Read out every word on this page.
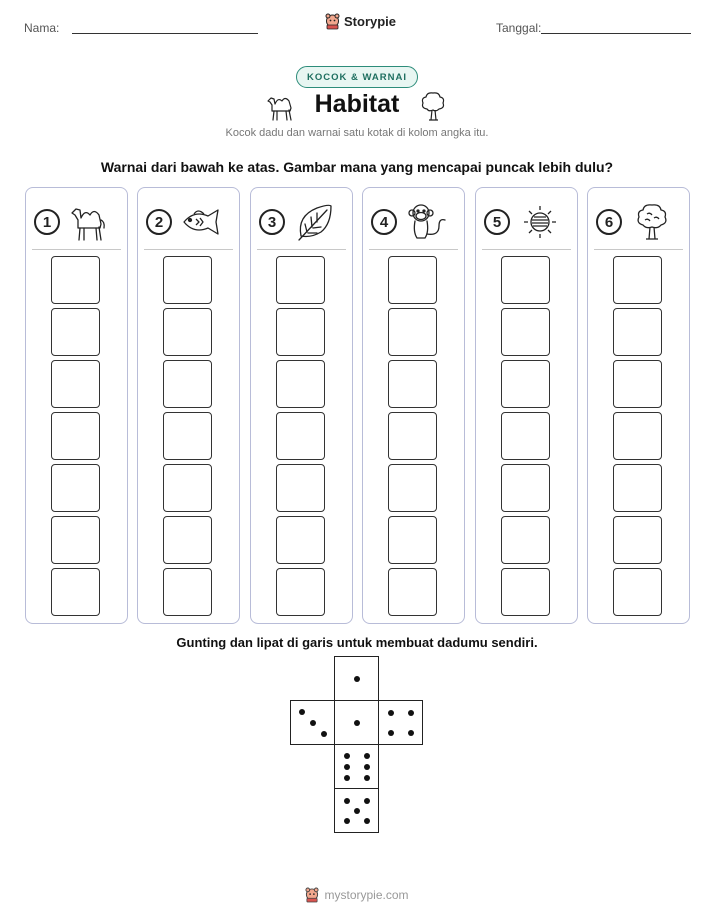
Nama:	Storypie	Tanggal:
KOCOK & WARNAI
Habitat
Kocok dadu dan warnai satu kotak di kolom angka itu.
Warnai dari bawah ke atas. Gambar mana yang mencapai puncak lebih dulu?
1	2	3	4	5	6
Gunting dan lipat di garis untuk membuat dadumu sendiri.
mystorypie.com
